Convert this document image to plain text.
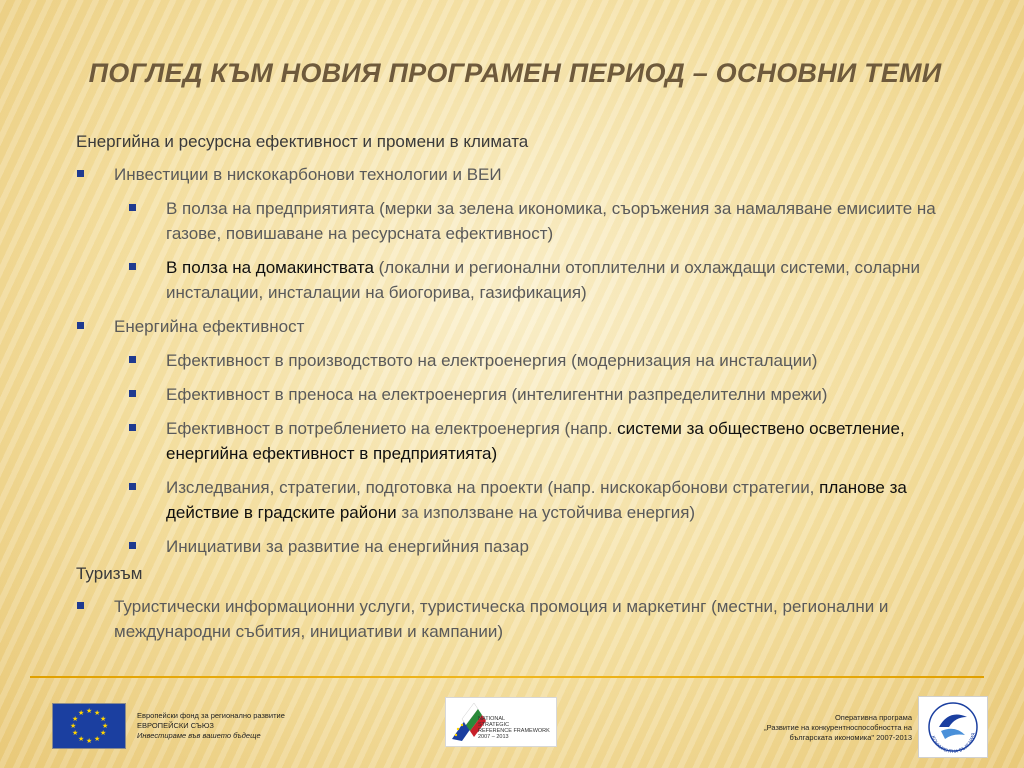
ПОГЛЕД КЪМ НОВИЯ ПРОГРАМЕН ПЕРИОД – ОСНОВНИ ТЕМИ
Енергийна и ресурсна ефективност и промени в климата
Инвестиции в нискокарбонови технологии и ВЕИ
В полза на предприятията (мерки за зелена икономика, съоръжения за намаляване емисиите на газове, повишаване на ресурсната ефективност)
В полза на домакинствата (локални и регионални отоплителни и охлаждащи системи, соларни инсталации, инсталации на биогорива, газификация)
Енергийна ефективност
Ефективност в производството на електроенергия (модернизация на инсталации)
Ефективност в преноса на електроенергия (интелигентни разпределителни мрежи)
Ефективност в потреблението на електроенергия (напр. системи за обществено осветление, енергийна ефективност в предприятията)
Изследвания, стратегии, подготовка на проекти (напр. нискокарбонови стратегии, планове за действие в градските райони за използване на устойчива енергия)
Инициативи за развитие на енергийния пазар
Туризъм
Туристически информационни услуги, туристическа промоция и маркетинг (местни, регионални и международни събития, инициативи и кампании)
★ ★
★
★
★
★
★
★
★
★
★
★	Европейски фонд за регионално развитие
ЕВРОПЕЙСКИ СЪЮЗ
Инвестираме във вашето бъдеще
NATIONAL
STRATEGIC
REFERENCE FRAMEWORK
2007 – 2013
Оперативна програма
„Развитие на конкурентноспособността на
българската икономика" 2007-2013	КОНКУРЕНТНА БЪЛГАРИЯ
